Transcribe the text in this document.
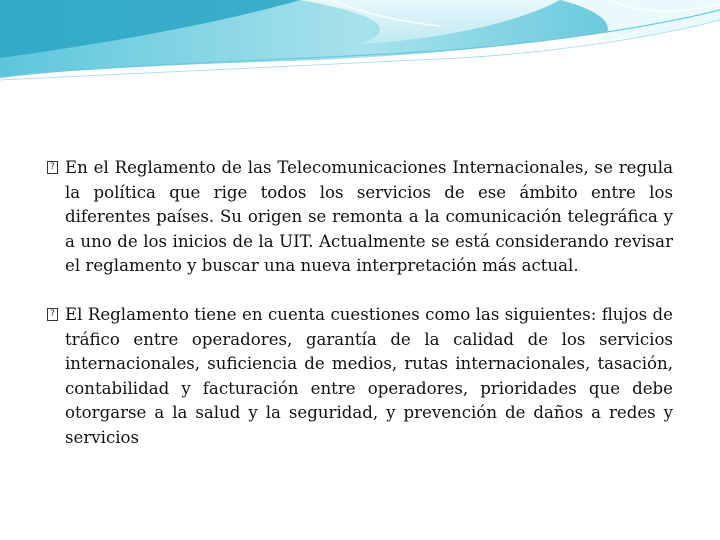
? En el Reglamento de las Telecomunicaciones Internacionales, se regula la política que rige todos los servicios de ese ámbito entre los diferentes países. Su origen se remonta a la comunicación telegráfica y a uno de los inicios de la UIT. Actualmente se está considerando revisar el reglamento y buscar una nueva interpretación más actual.

? El Reglamento tiene en cuenta cuestiones como las siguientes: flujos de tráfico entre operadores, garantía de la calidad de los servicios internacionales, suficiencia de medios, rutas internacionales, tasación, contabilidad y facturación entre operadores, prioridades que debe otorgarse a la salud y la seguridad, y prevención de daños a redes y servicios
